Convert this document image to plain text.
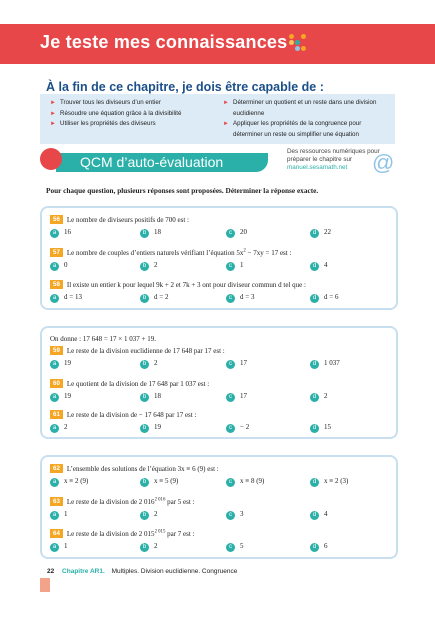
Je teste mes connaissances
À la fin de ce chapitre, je dois être capable de :
► Trouver tous les diviseurs d’un entier
► Résoudre une équation grâce à la divisibilité
► Utiliser les propriétés des diviseurs
► Déterminer un quotient et un reste dans une division euclidienne
► Appliquer les propriétés de la congruence pour déterminer un reste ou simplifier une équation
QCM d’auto-évaluation
Des ressources numériques pour préparer le chapitre sur
manuel.sesamath.net	@
Pour chaque question, plusieurs réponses sont proposées. Déterminer la réponse exacte.
56 Le nombre de diviseurs positifs de 700 est :
a 16	b 18	c 20	d 22
57 Le nombre de couples d’entiers naturels vérifiant l’équation $5x^2 - 7xy = 17$ est :
a 0	b 2	c 1	d 4
58 Il existe un entier k pour lequel 9k + 2 et 7k + 3 ont pour diviseur commun d tel que :
a d = 13	b d = 2	c d = 3	d d = 6
On donne : 17 648 = 17 × 1 037 + 19.
59 Le reste de la division euclidienne de 17 648 par 17 est :
a 19	b 2	c 17	d 1 037
60 Le quotient de la division de 17 648 par 1 037 est :
a 19	b 18	c 17	d 2
61 Le reste de la division de − 17 648 par 17 est :
a 2	b 19	c − 2	d 15
62 L’ensemble des solutions de l’équation 3x ≡ 6 (9) est :
a x ≡ 2 (9)	b x ≡ 5 (9)	c x ≡ 8 (9)	d x ≡ 2 (3)
63 Le reste de la division de 2 $016^{2 016}$ par 5 est :
a 1	b 2	c 3	d 4
64 Le reste de la division de 2 $015^{2 015}$ par 7 est :
a 1	b 2	c 5	d 6
22 Chapitre AR1. Multiples. Division euclidienne. Congruence
